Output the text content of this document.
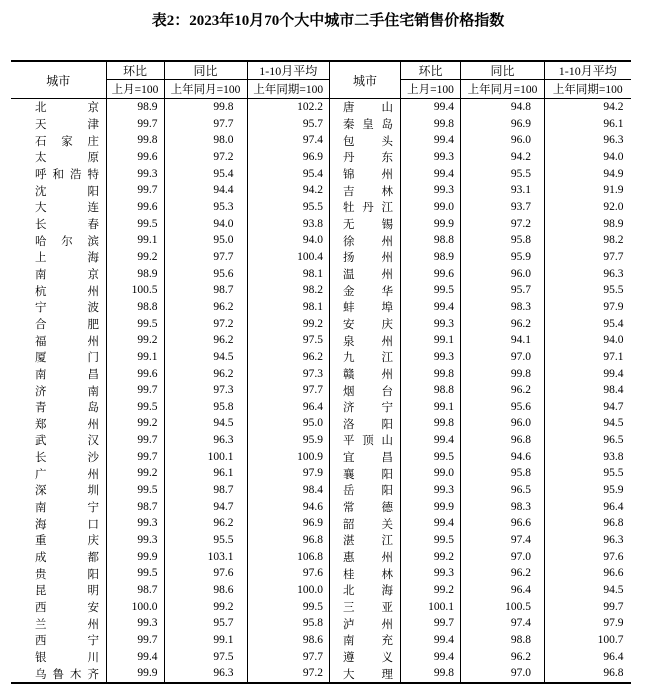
表2：2023年10月70个大中城市二手住宅销售价格指数
城市	环比	同比	1-10月平均
	上月=100	上年同月=100	上年同期=100
北京	98.9	99.8	102.2
天津	99.7	97.7	95.7
石家庄	99.8	98.0	97.4
太原	99.6	97.2	96.9
呼和浩特	99.3	95.4	95.4
沈阳	99.7	94.4	94.2
大连	99.6	95.3	95.5
长春	99.5	94.0	93.8
哈尔滨	99.1	95.0	94.0
上海	99.2	97.7	100.4
南京	98.9	95.6	98.1
杭州	100.5	98.7	98.2
宁波	98.8	96.2	98.1
合肥	99.5	97.2	99.2
福州	99.2	96.2	97.5
厦门	99.1	94.5	96.2
南昌	99.6	96.2	97.3
济南	99.7	97.3	97.7
青岛	99.5	95.8	96.4
郑州	99.2	94.5	95.0
武汉	99.7	96.3	95.9
长沙	99.7	100.1	100.9
广州	99.2	96.1	97.9
深圳	99.5	98.7	98.4
南宁	98.7	94.7	94.6
海口	99.3	96.2	96.9
重庆	99.3	95.5	96.8
成都	99.9	103.1	106.8
贵阳	99.5	97.6	97.6
昆明	98.7	98.6	100.0
西安	100.0	99.2	99.5
兰州	99.3	95.7	95.8
西宁	99.7	99.1	98.6
银川	99.4	97.5	97.7
乌鲁木齐	99.9	96.3	97.2
城市	环比	同比	1-10月平均
	上月=100	上年同月=100	上年同期=100
唐山	99.4	94.8	94.2
秦皇岛	99.8	96.9	96.1
包头	99.4	96.0	96.3
丹东	99.3	94.2	94.0
锦州	99.4	95.5	94.9
吉林	99.3	93.1	91.9
牡丹江	99.0	93.7	92.0
无锡	99.9	97.2	98.9
徐州	98.8	95.8	98.2
扬州	98.9	95.9	97.7
温州	99.6	96.0	96.3
金华	99.5	95.7	95.5
蚌埠	99.4	98.3	97.9
安庆	99.3	96.2	95.4
泉州	99.1	94.1	94.0
九江	99.3	97.0	97.1
赣州	99.8	99.8	99.4
烟台	98.8	96.2	98.4
济宁	99.1	95.6	94.7
洛阳	99.8	96.0	94.5
平顶山	99.4	96.8	96.5
宜昌	99.5	94.6	93.8
襄阳	99.0	95.8	95.5
岳阳	99.3	96.5	95.9
常德	99.9	98.3	96.4
韶关	99.4	96.6	96.8
湛江	99.5	97.4	96.3
惠州	99.2	97.0	97.6
桂林	99.3	96.2	96.6
北海	99.2	96.4	94.5
三亚	100.1	100.5	99.7
泸州	99.7	97.4	97.9
南充	99.4	98.8	100.7
遵义	99.4	96.2	96.4
大理	99.8	97.0	96.8
